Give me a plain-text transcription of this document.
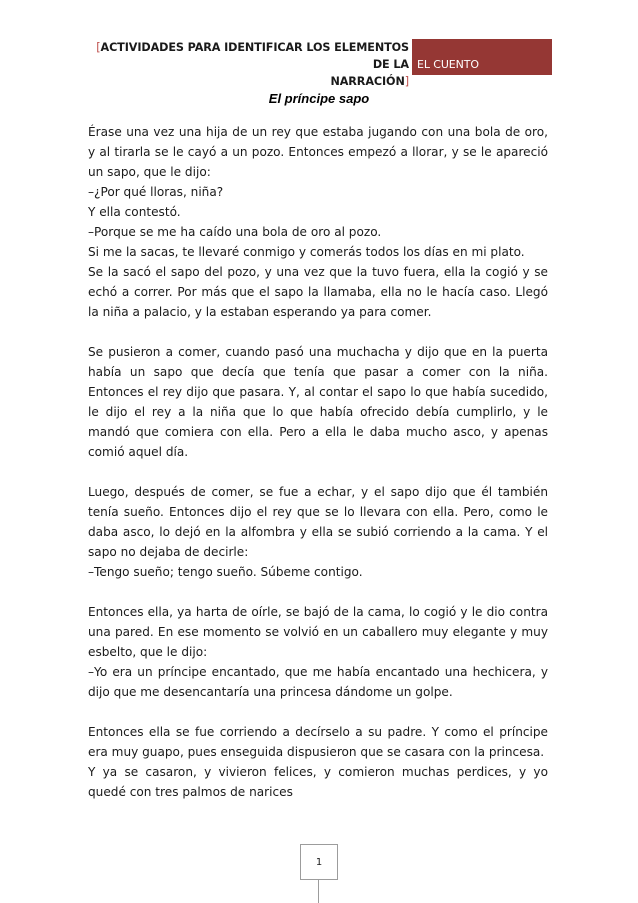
[ACTIVIDADES PARA IDENTIFICAR LOS ELEMENTOS DE LA
NARRACIÓN]
EL CUENTO
El príncipe sapo

Érase una vez una hija de un rey que estaba jugando con una bola de oro, y al tirarla se le cayó a un pozo. Entonces empezó a llorar, y se le apareció un sapo, que le dijo:

–¿Por qué lloras, niña?

Y ella contestó.

–Porque se me ha caído una bola de oro al pozo.

Si me la sacas, te llevaré conmigo y comerás todos los días en mi plato.

Se la sacó el sapo del pozo, y una vez que la tuvo fuera, ella la cogió y se echó a correr. Por más que el sapo la llamaba, ella no le hacía caso. Llegó la niña a palacio, y la estaban esperando ya para comer.

Se pusieron a comer, cuando pasó una muchacha y dijo que en la puerta había un sapo que decía que tenía que pasar a comer con la niña. Entonces el rey dijo que pasara. Y, al contar el sapo lo que había sucedido, le dijo el rey a la niña que lo que había ofrecido debía cumplirlo, y le mandó que comiera con ella. Pero a ella le daba mucho asco, y apenas comió aquel día.

Luego, después de comer, se fue a echar, y el sapo dijo que él también tenía sueño. Entonces dijo el rey que se lo llevara con ella. Pero, como le daba asco, lo dejó en la alfombra y ella se subió corriendo a la cama. Y el sapo no dejaba de decirle:

–Tengo sueño; tengo sueño. Súbeme contigo.

Entonces ella, ya harta de oírle, se bajó de la cama, lo cogió y le dio contra una pared. En ese momento se volvió en un caballero muy elegante y muy esbelto, que le dijo:

–Yo era un príncipe encantado, que me había encantado una hechicera, y dijo que me desencantaría una princesa dándome un golpe.

Entonces ella se fue corriendo a decírselo a su padre. Y como el príncipe era muy guapo, pues enseguida dispusieron que se casara con la princesa.

Y ya se casaron, y vivieron felices, y comieron muchas perdices, y yo quedé con tres palmos de narices

1
